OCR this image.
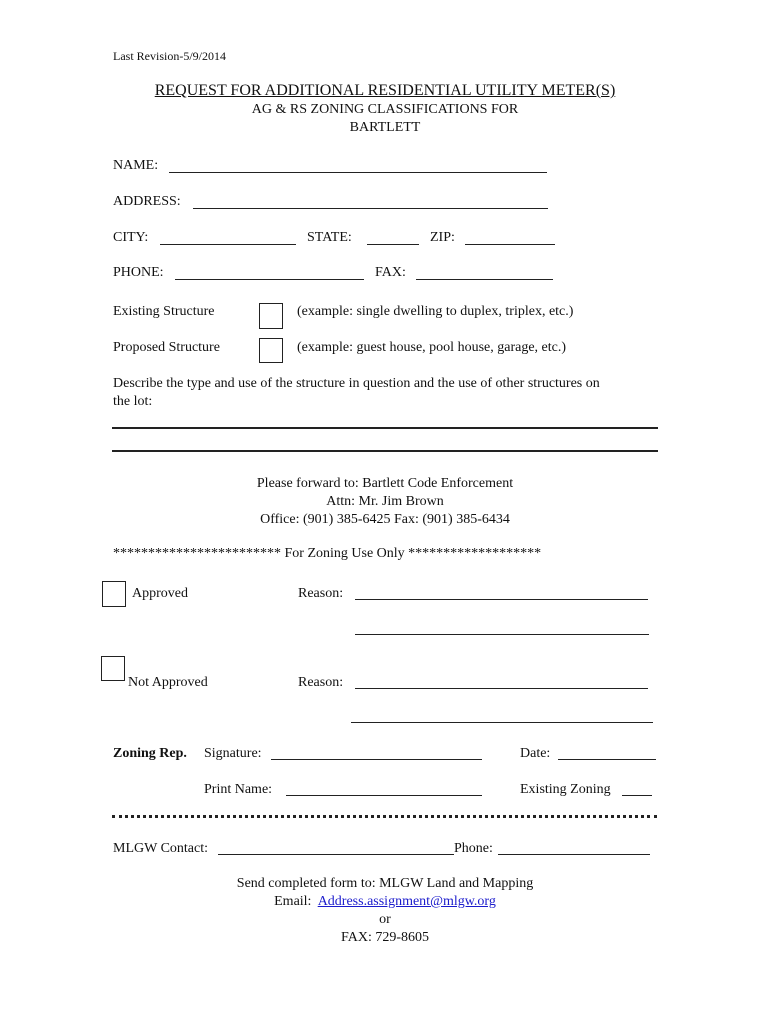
Last Revision-5/9/2014
REQUEST FOR ADDITIONAL RESIDENTIAL UTILITY METER(S)
AG & RS ZONING CLASSIFICATIONS FOR
BARTLETT
NAME:
ADDRESS:
CITY:	STATE:	ZIP:
PHONE:	FAX:
Existing Structure	(example: single dwelling to duplex, triplex, etc.)
Proposed Structure	(example: guest house, pool house, garage, etc.)
Describe the type and use of the structure in question and the use of other structures on
the lot:
Please forward to: Bartlett Code Enforcement
Attn: Mr. Jim Brown
Office: (901) 385-6425 Fax: (901) 385-6434
************************ For Zoning Use Only *******************
Approved	Reason:
Not Approved	Reason:
Zoning Rep. Signature:	Date:
Print Name:	Existing Zoning
MLGW Contact:	Phone:
Send completed form to: MLGW Land and Mapping
Email: Address.assignment@mlgw.org
or
FAX: 729-8605
